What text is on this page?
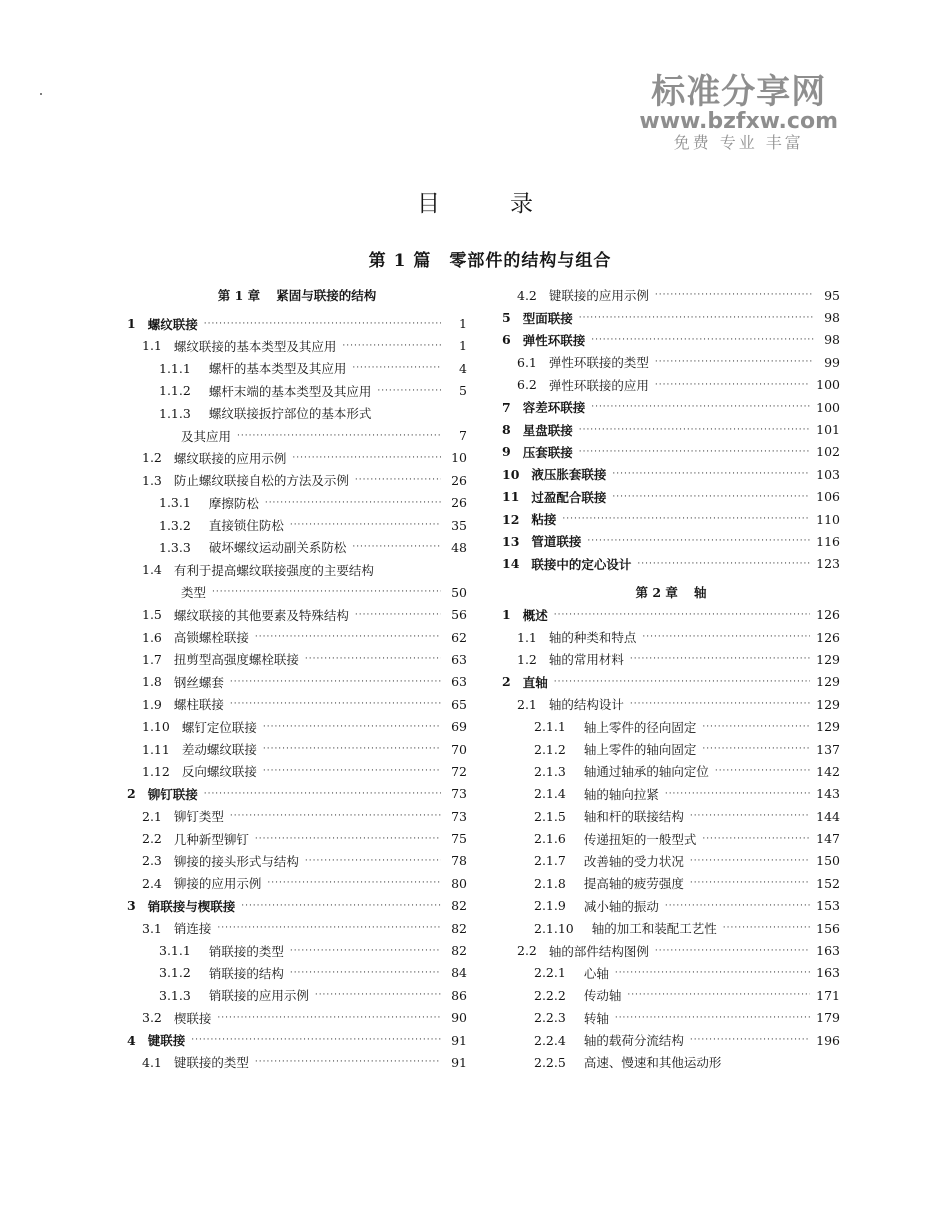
标准分享网
www.bzfxw.com
免费 专业 丰富
目	录
第 1 篇　零部件的结构与组合
第 1 章 紧固与联接的结构
1 螺纹联接 ·····	1
1.1 螺纹联接的基本类型及其应用 ·····	1
1.1.1 螺杆的基本类型及其应用 ·····	4
1.1.2 螺杆末端的基本类型及其应用 ·····	5
1.1.3 螺纹联接扳拧部位的基本形式
及其应用 ·····	7
1.2 螺纹联接的应用示例 ·····	10
1.3 防止螺纹联接自松的方法及示例 ·····	26
1.3.1 摩擦防松 ·····	26
1.3.2 直接锁住防松 ·····	35
1.3.3 破坏螺纹运动副关系防松 ·····	48
1.4 有利于提高螺纹联接强度的主要结构
类型 ·····	50
1.5 螺纹联接的其他要素及特殊结构 ·····	56
1.6 高锁螺栓联接 ·····	62
1.7 扭剪型高强度螺栓联接 ·····	63
1.8 钢丝螺套 ·····	63
1.9 螺柱联接 ·····	65
1.10 螺钉定位联接 ·····	69
1.11 差动螺纹联接 ·····	70
1.12 反向螺纹联接 ·····	72
2 铆钉联接 ·····	73
2.1 铆钉类型 ·····	73
2.2 几种新型铆钉 ·····	75
2.3 铆接的接头形式与结构 ·····	78
2.4 铆接的应用示例 ·····	80
3 销联接与楔联接 ·····	82
3.1 销连接 ·····	82
3.1.1 销联接的类型 ·····	82
3.1.2 销联接的结构 ·····	84
3.1.3 销联接的应用示例 ·····	86
3.2 楔联接 ·····	90
4 键联接 ·····	91
4.1 键联接的类型 ·····	91
4.2 键联接的应用示例 ·····	95
5 型面联接 ·····	98
6 弹性环联接 ·····	98
6.1 弹性环联接的类型 ·····	99
6.2 弹性环联接的应用 ·····	100
7 容差环联接 ·····	100
8 星盘联接 ·····	101
9 压套联接 ·····	102
10 液压胀套联接 ·····	103
11 过盈配合联接 ·····	106
12 粘接 ·····	110
13 管道联接 ·····	116
14 联接中的定心设计 ·····	123
第 2 章 轴
1 概述 ·····	126
1.1 轴的种类和特点 ·····	126
1.2 轴的常用材料 ·····	129
2 直轴 ·····	129
2.1 轴的结构设计 ·····	129
2.1.1 轴上零件的径向固定 ·····	129
2.1.2 轴上零件的轴向固定 ·····	137
2.1.3 轴通过轴承的轴向定位 ·····	142
2.1.4 轴的轴向拉紧 ·····	143
2.1.5 轴和杆的联接结构 ·····	144
2.1.6 传递扭矩的一般型式 ·····	147
2.1.7 改善轴的受力状况 ·····	150
2.1.8 提高轴的疲劳强度 ·····	152
2.1.9 减小轴的振动 ·····	153
2.1.10 轴的加工和装配工艺性 ·····	156
2.2 轴的部件结构图例 ·····	163
2.2.1 心轴 ·····	163
2.2.2 传动轴 ·····	171
2.2.3 转轴 ·····	179
2.2.4 轴的载荷分流结构 ·····	196
2.2.5 高速、慢速和其他运动形
